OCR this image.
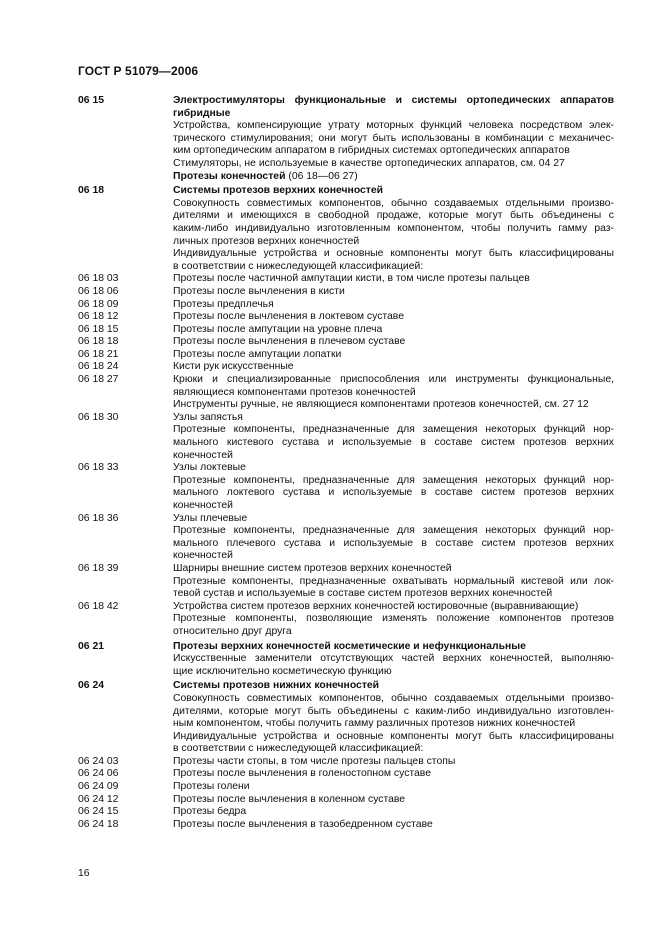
ГОСТ Р 51079—2006
06 15	Электростимуляторы функциональные и системы ортопедических аппаратов
гибридные
Устройства, компенсирующие утрату моторных функций человека посредством элек-
трического стимулирования; они могут быть использованы в комбинации с механичес-
ким ортопедическим аппаратом в гибридных системах ортопедических аппаратов
Стимуляторы, не используемые в качестве ортопедических аппаратов, см. 04 27
Протезы конечностей (06 18—06 27)
06 18	Системы протезов верхних конечностей
Совокупность совместимых компонентов, обычно создаваемых отдельными произво-
дителями и имеющихся в свободной продаже, которые могут быть объединены с
каким-либо индивидуально изготовленным компонентом, чтобы получить гамму раз-
личных протезов верхних конечностей
Индивидуальные устройства и основные компоненты могут быть классифицированы
в соответствии с нижеследующей классификацией:
06 18 03	Протезы после частичной ампутации кисти, в том числе протезы пальцев
06 18 06	Протезы после вычленения в кисти
06 18 09	Протезы предплечья
06 18 12	Протезы после вычленения в локтевом суставе
06 18 15	Протезы после ампутации на уровне плеча
06 18 18	Протезы после вычленения в плечевом суставе
06 18 21	Протезы после ампутации лопатки
06 18 24	Кисти рук искусственные
06 18 27	Крюки и специализированные приспособления или инструменты функциональные,
являющиеся компонентами протезов конечностей
Инструменты ручные, не являющиеся компонентами протезов конечностей, см. 27 12
06 18 30	Узлы запястья
Протезные компоненты, предназначенные для замещения некоторых функций нор-
мального кистевого сустава и используемые в составе систем протезов верхних
конечностей
06 18 33	Узлы локтевые
Протезные компоненты, предназначенные для замещения некоторых функций нор-
мального локтевого сустава и используемые в составе систем протезов верхних
конечностей
06 18 36	Узлы плечевые
Протезные компоненты, предназначенные для замещения некоторых функций нор-
мального плечевого сустава и используемые в составе систем протезов верхних
конечностей
06 18 39	Шарниры внешние систем протезов верхних конечностей
Протезные компоненты, предназначенные охватывать нормальный кистевой или лок-
тевой сустав и используемые в составе систем протезов верхних конечностей
06 18 42	Устройства систем протезов верхних конечностей юстировочные (выравнивающие)
Протезные компоненты, позволяющие изменять положение компонентов протезов
относительно друг друга
06 21	Протезы верхних конечностей косметические и нефункциональные
Искусственные заменители отсутствующих частей верхних конечностей, выполняю-
щие исключительно косметическую функцию
06 24	Системы протезов нижних конечностей
Совокупность совместимых компонентов, обычно создаваемых отдельными произво-
дителями, которые могут быть объединены с каким-либо индивидуально изготовлен-
ным компонентом, чтобы получить гамму различных протезов нижних конечностей
Индивидуальные устройства и основные компоненты могут быть классифицированы
в соответствии с нижеследующей классификацией:
06 24 03	Протезы части стопы, в том числе протезы пальцев стопы
06 24 06	Протезы после вычленения в голеностопном суставе
06 24 09	Протезы голени
06 24 12	Протезы после вычленения в коленном суставе
06 24 15	Протезы бедра
06 24 18	Протезы после вычленения в тазобедренном суставе
16
